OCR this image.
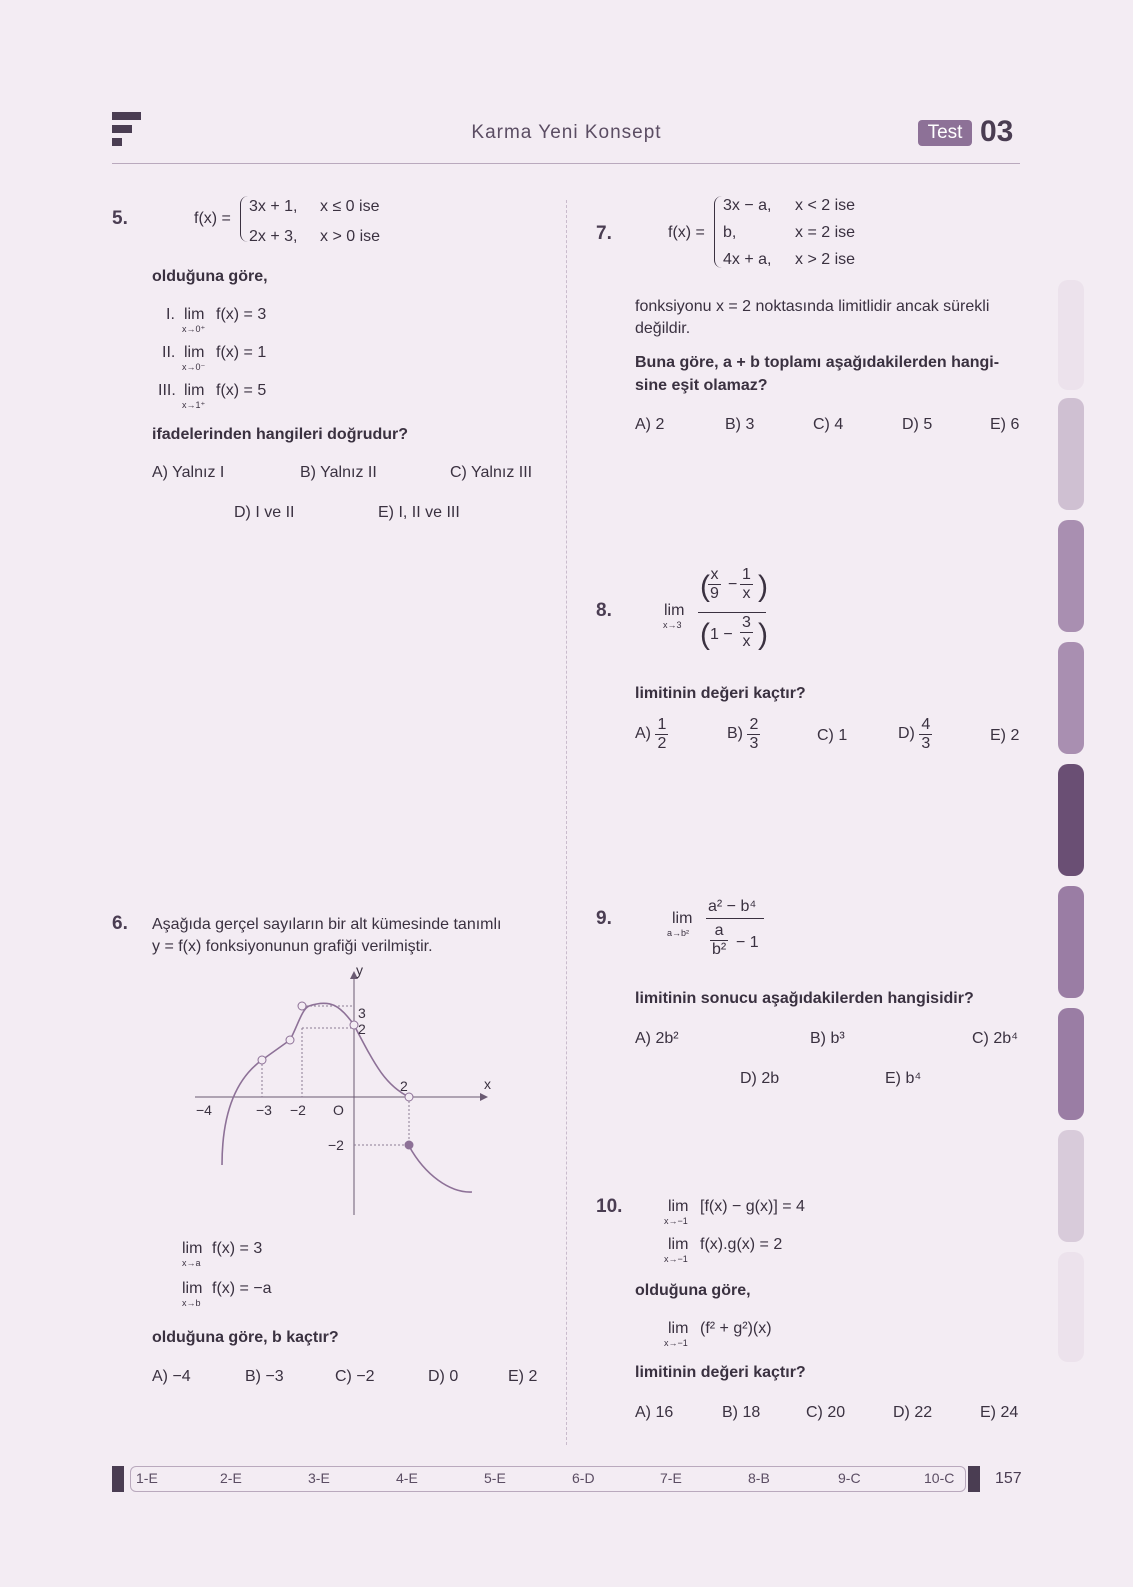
Karma Yeni Konsept	Test 03
5.	f(x) =
3x + 1, x ≤ 0 ise
2x + 3, x > 0 ise
olduğuna göre,
I. lim
x→0⁺
f(x) = 3
II. lim
x→0⁻
f(x) = 1
III. lim
x→1⁺
f(x) = 5
ifadelerinden hangileri doğrudur?
A) Yalnız I	B) Yalnız II	C) Yalnız III
D) I ve II	E) I, II ve III
6. Aşağıda gerçel sayıların bir alt kümesinde tanımlı
y = f(x) fonksiyonunun grafiği verilmiştir.
y
x
O
−4	−3 −2
2
3
2
−2
lim
x→a
f(x) = 3
lim
x→b
f(x) = −a
olduğuna göre, b kaçtır?
A) −4	B) −3	C) −2	D) 0	E) 2
7.	f(x) =
3x − a, x < 2 ise
b,	x = 2 ise
4x + a, x > 2 ise
fonksiyonu x = 2 noktasında limitlidir ancak sürekli değildir.
Buna göre, a + b toplamı aşağıdakilerden hangi-
sine eşit olamaz?
A) 2	B) 3	C) 4	D) 5	E) 6
8.	lim
x→3
(
$\frac{x}{9} - \frac{1}{x}$ )
( $1 - \frac{3}{x}$ )
limitinin değeri kaçtır?
$A) \frac{1}{2}$	$B) \frac{2}{3}$	C) 1	$D) \frac{4}{3}$	E) 2
9.	lim
a→b²
a² − b⁴
$\frac{a}{\text{b²}} - 1$
limitinin sonucu aşağıdakilerden hangisidir?
A) 2b²	B) b³	C) 2b⁴
D) 2b	E) b⁴
10.	lim
x→−1
[f(x) − g(x)] = 4
lim
x→−1
f(x).g(x) = 2
olduğuna göre,
lim
x→−1
(f² + g²)(x)
limitinin değeri kaçtır?
A) 16	B) 18	C) 20	D) 22	E) 24
1-E	2-E	3-E	4-E	5-E	6-D	7-E	8-B	9-C	10-C	157
